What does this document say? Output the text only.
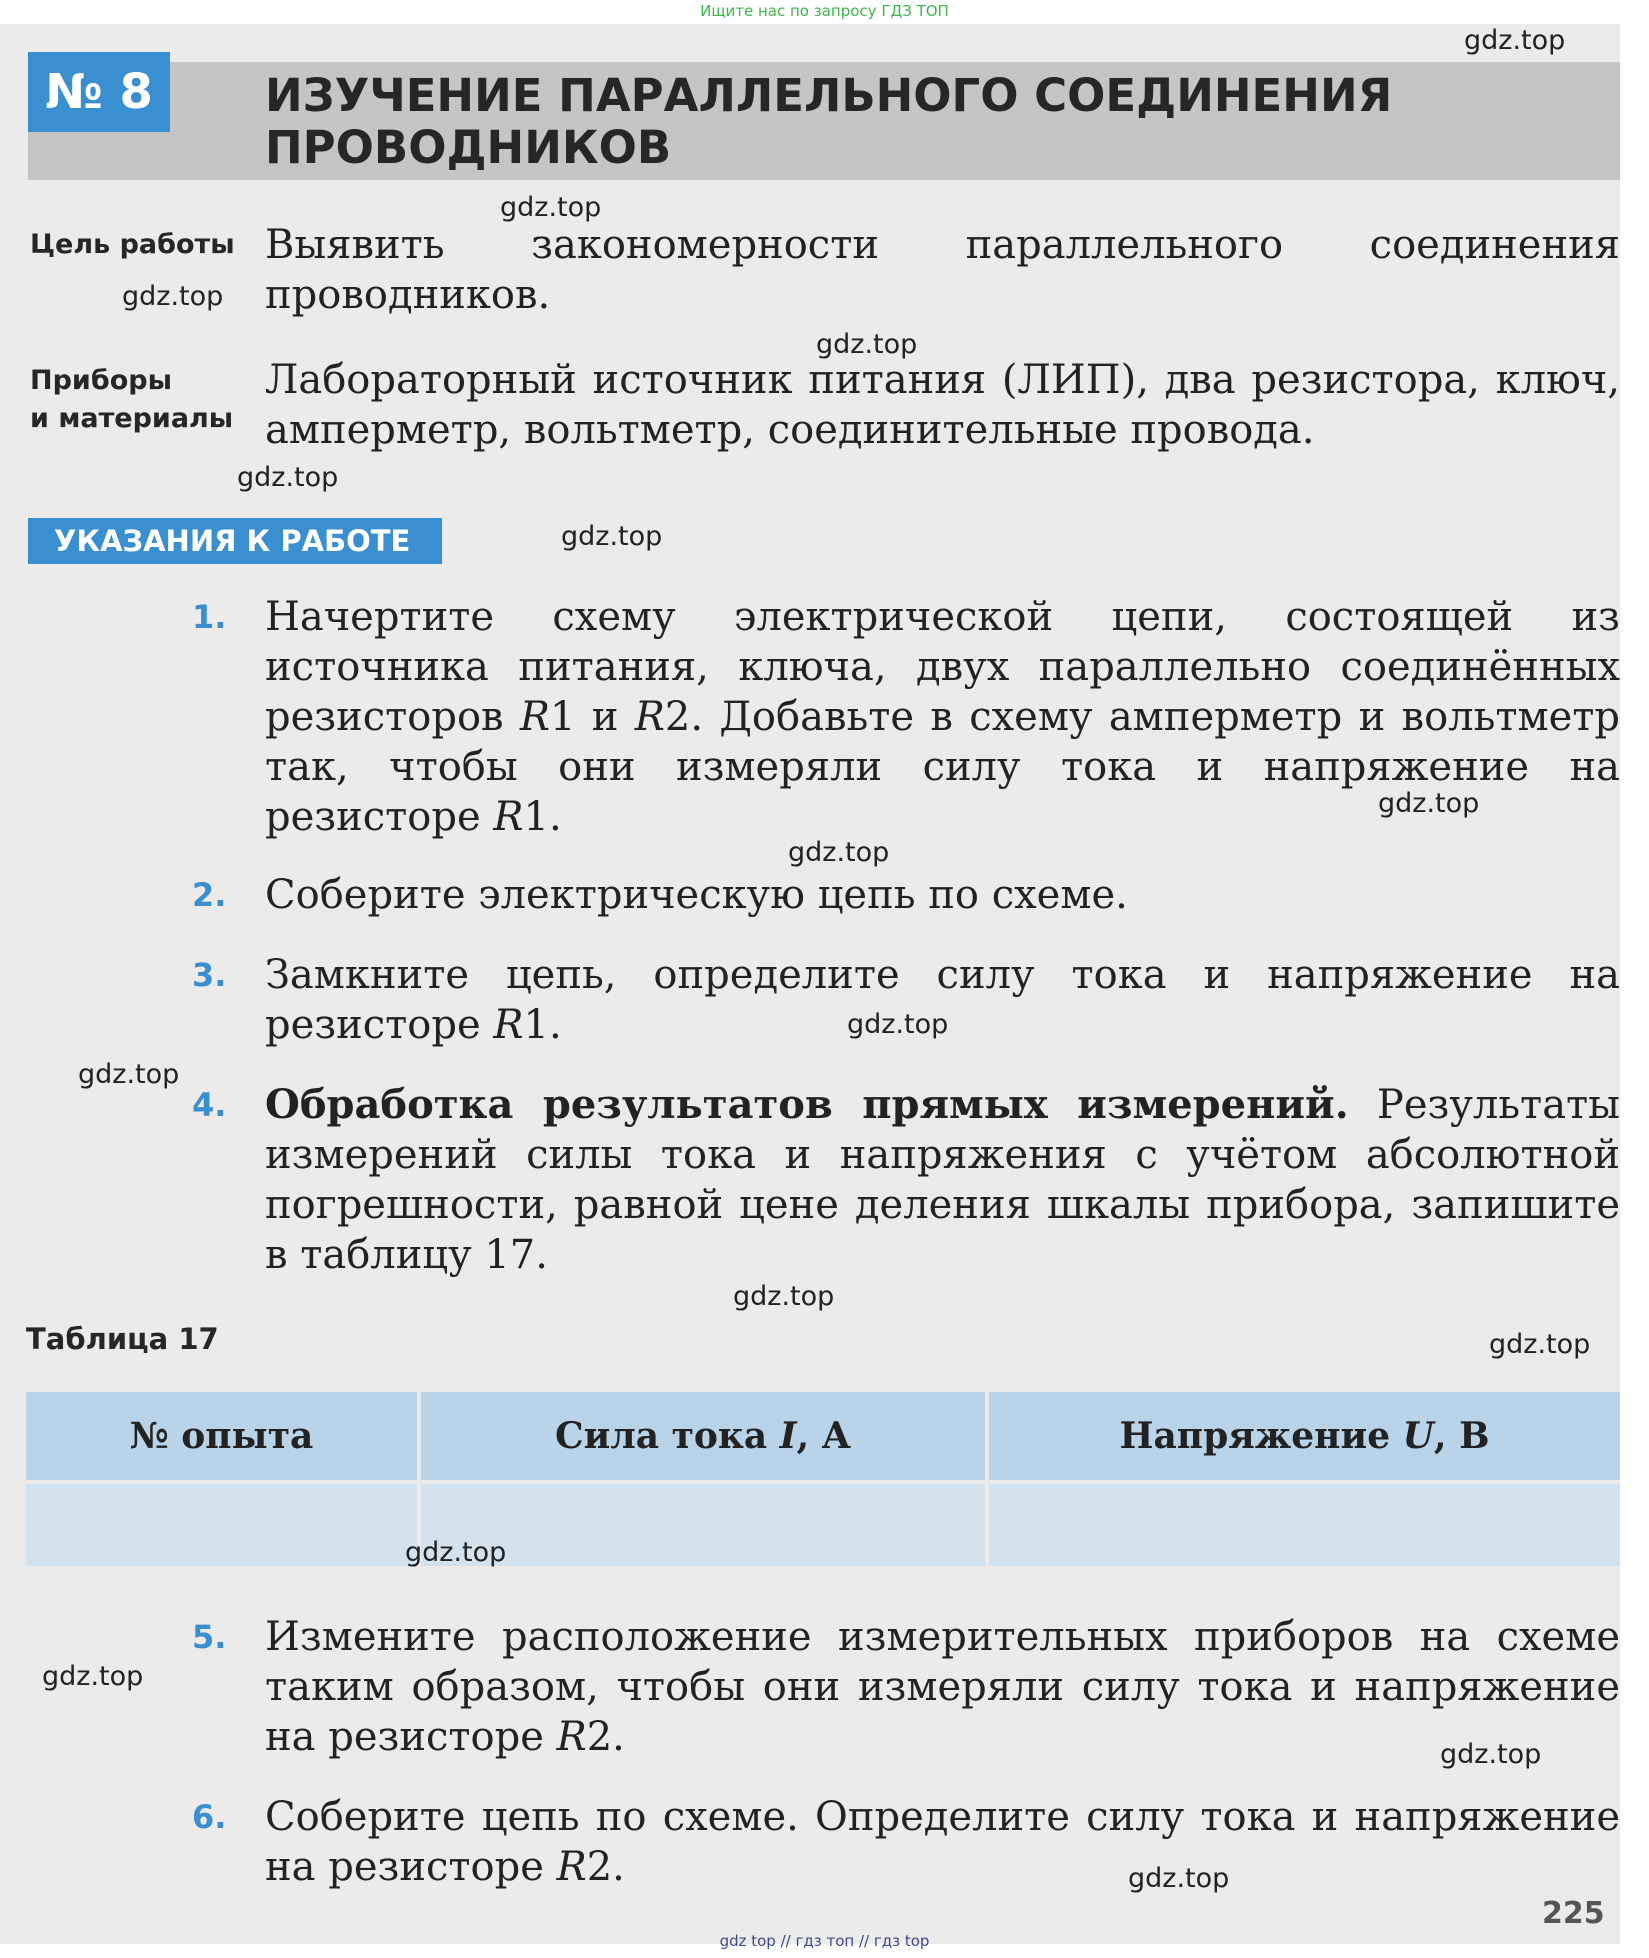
Ищите нас по запросу ГДЗ ТОП
№ 8	ИЗУЧЕНИЕ ПАРАЛЛЕЛЬНОГО СОЕДИНЕНИЯ
ПРОВОДНИКОВ
Цель работы Выявить закономерности параллельного соединения проводников.
Приборы
и материалы
Лабораторный источник питания (ЛИП), два резистора, ключ, амперметр, вольтметр, соединительные провода.
УКАЗАНИЯ К РАБОТЕ
1. Начертите схему электрической цепи, состоящей из источника питания, ключа, двух параллельно соединённых резисторов R1 и R2. Добавьте в схему амперметр и вольтметр так, чтобы они измеряли силу тока и напряжение на резисторе R1.
2. Соберите электрическую цепь по схеме.
3. Замкните цепь, определите силу тока и напряжение на резисторе R1.
4. Обработка результатов прямых измерений. Результаты измерений силы тока и напряжения с учётом абсолютной погрешности, равной цене деления шкалы прибора, запишите в таблицу 17.
Таблица 17
№ опыта	Сила тока I, А	Напряжение U, В

5. Измените расположение измерительных приборов на схеме таким образом, чтобы они измеряли силу тока и напряжение на резисторе R2.
6. Соберите цепь по схеме. Определите силу тока и напряжение на резисторе R2.
225
gdz.top
gdz.top
gdz.top
gdz.top
gdz.top
gdz.top
gdz.top
gdz.top
gdz.top
gdz.top
gdz.top
gdz.top
gdz.top
gdz.top
gdz.top
gdz.top
gdz top // гдз топ // гдз top
